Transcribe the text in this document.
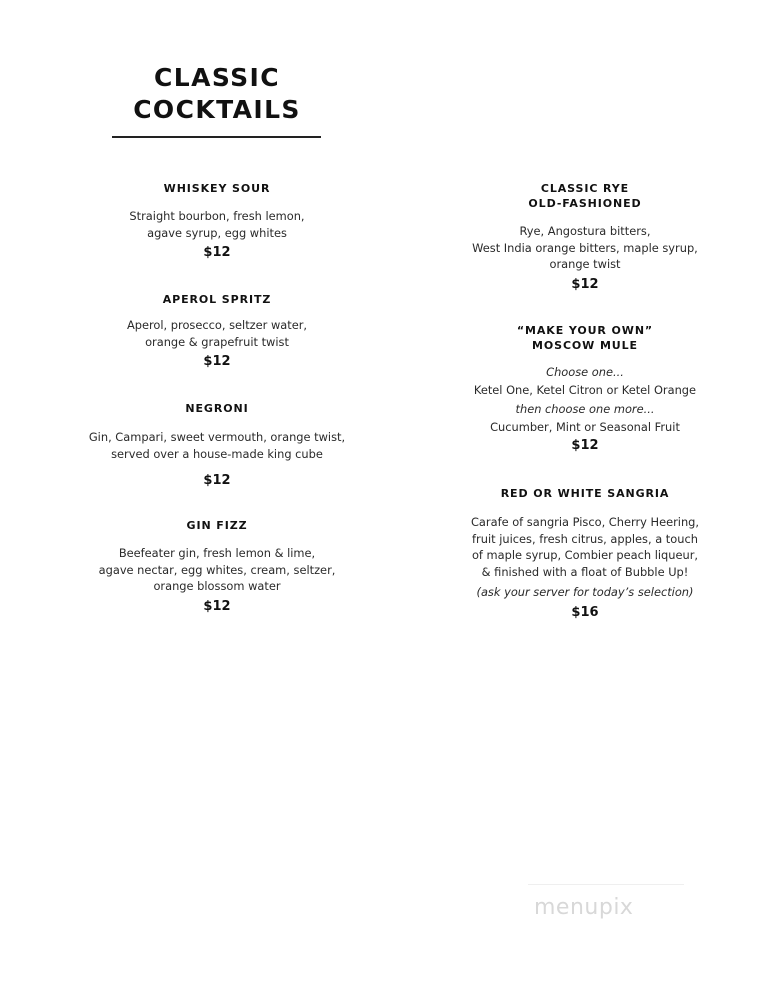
CLASSIC
COCKTAILS
WHISKEY SOUR
Straight bourbon, fresh lemon,
agave syrup, egg whites
$12
APEROL SPRITZ
Aperol, prosecco, seltzer water,
orange & grapefruit twist
$12
NEGRONI
Gin, Campari, sweet vermouth, orange twist,
served over a house-made king cube
$12
GIN FIZZ
Beefeater gin, fresh lemon & lime,
agave nectar, egg whites, cream, seltzer,
orange blossom water
$12
CLASSIC RYE
OLD-FASHIONED
Rye, Angostura bitters,
West India orange bitters, maple syrup,
orange twist
$12
“MAKE YOUR OWN”
MOSCOW MULE
Choose one...
Ketel One, Ketel Citron or Ketel Orange
then choose one more...
Cucumber, Mint or Seasonal Fruit
$12
RED OR WHITE SANGRIA
Carafe of sangria Pisco, Cherry Heering,
fruit juices, fresh citrus, apples, a touch
of maple syrup, Combier peach liqueur,
& finished with a float of Bubble Up!
(ask your server for today’s selection)
$16
menupix
